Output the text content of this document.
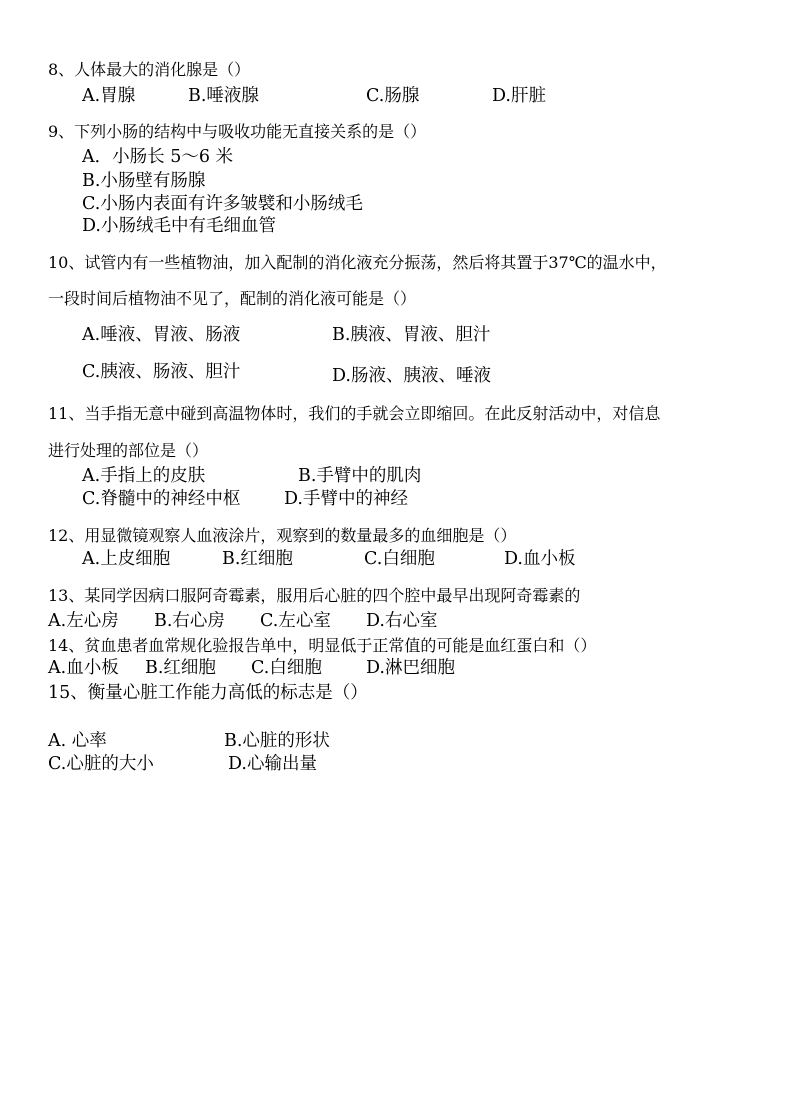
8、人体最大的消化腺是（）
A.胃腺	B.唾液腺	C.肠腺	D.肝脏
9、下列小肠的结构中与吸收功能无直接关系的是（）
A．小肠长 5～6 米
B.小肠壁有肠腺
C.小肠内表面有许多皱襞和小肠绒毛
D.小肠绒毛中有毛细血管
10、试管内有一些植物油，加入配制的消化液充分振荡，然后将其置于37℃的温水中，
一段时间后植物油不见了，配制的消化液可能是（）
A.唾液、胃液、肠液	B.胰液、胃液、胆汁
C.胰液、肠液、胆汁	D.肠液、胰液、唾液
11、当手指无意中碰到高温物体时，我们的手就会立即缩回。在此反射活动中，对信息
进行处理的部位是（）
A.手指上的皮肤	B.手臂中的肌肉
C.脊髓中的神经中枢 D.手臂中的神经
12、用显微镜观察人血液涂片，观察到的数量最多的血细胞是（）
A.上皮细胞	B.红细胞	C.白细胞	D.血小板
13、某同学因病口服阿奇霉素，服用后心脏的四个腔中最早出现阿奇霉素的
A.左心房 B.右心房 C.左心室 D.右心室
14、贫血患者血常规化验报告单中，明显低于正常值的可能是血红蛋白和（）
A.血小板 B.红细胞 C.白细胞	D.淋巴细胞
15、衡量心脏工作能力高低的标志是（）
A. 心率	B.心脏的形状
C.心脏的大小	D.心输出量
